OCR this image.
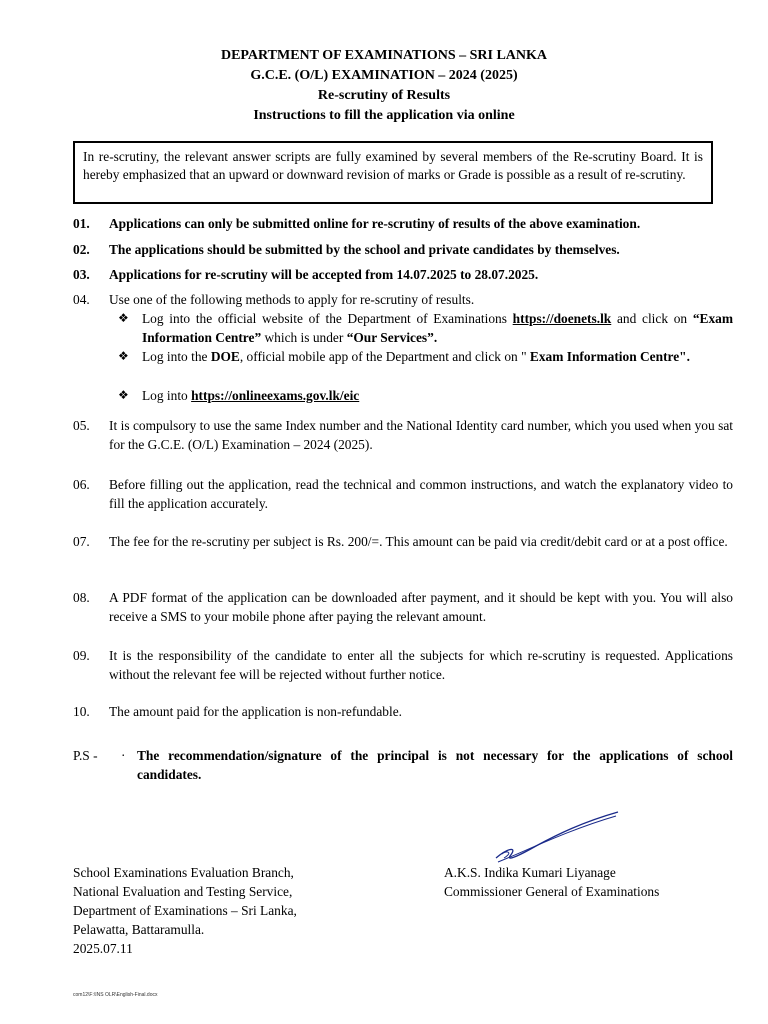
DEPARTMENT OF EXAMINATIONS – SRI LANKA
G.C.E. (O/L) EXAMINATION – 2024 (2025)
Re-scrutiny of Results
Instructions to fill the application via online
In re-scrutiny, the relevant answer scripts are fully examined by several members of the Re-scrutiny Board. It is hereby emphasized that an upward or downward revision of marks or Grade is possible as a result of re-scrutiny.
01.	Applications can only be submitted online for re-scrutiny of results of the above examination.
02.	The applications should be submitted by the school and private candidates by themselves.
03.	Applications for re-scrutiny will be accepted from 14.07.2025 to 28.07.2025.
04.	Use one of the following methods to apply for re-scrutiny of results.
❖ Log into the official website of the Department of Examinations https://doenets.lk and click on “Exam Information Centre” which is under “Our Services”.
❖ Log into the DOE, official mobile app of the Department and click on " Exam Information Centre".
❖ Log into https://onlineexams.gov.lk/eic
05.	It is compulsory to use the same Index number and the National Identity card number, which you used when you sat for the G.C.E. (O/L) Examination – 2024 (2025).
06.	Before filling out the application, read the technical and common instructions, and watch the explanatory video to fill the application accurately.
07.	The fee for the re-scrutiny per subject is Rs. 200/=. This amount can be paid via credit/debit card or at a post office.
08.	A PDF format of the application can be downloaded after payment, and it should be kept with you. You will also receive a SMS to your mobile phone after paying the relevant amount.
09.	It is the responsibility of the candidate to enter all the subjects for which re-scrutiny is requested. Applications without the relevant fee will be rejected without further notice.
10.	The amount paid for the application is non-refundable.
P.S -	· The recommendation/signature of the principal is not necessary for the applications of school candidates.
School Examinations Evaluation Branch,
National Evaluation and Testing Service,
Department of Examinations – Sri Lanka,
Pelawatta, Battaramulla.
2025.07.11
A.K.S. Indika Kumari Liyanage
Commissioner General of Examinations
com12\F:\INS OLR\English-Final.docx
